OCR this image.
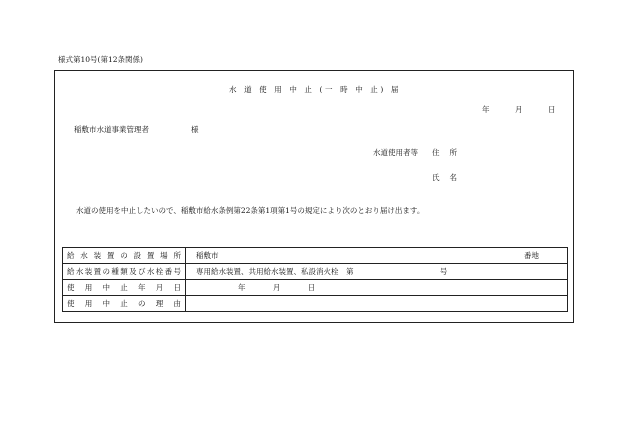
様式第10号(第12条関係)
水 道 使 用 中 止 (一 時 中 止) 届
年	月	日
稲敷市水道事業管理者	様
水道使用者等 住所
氏名
水道の使用を中止したいので、稲敷市給水条例第22条第1項第1号の規定により次のとおり届け出ます。
給水装置の設置場所	稲敷市 番地

給水装置の種類及び水栓番号	専用給水装置、共用給水装置、私設消火栓　第 号
使用中止年月日	年 月 日
使用中止の理由	
